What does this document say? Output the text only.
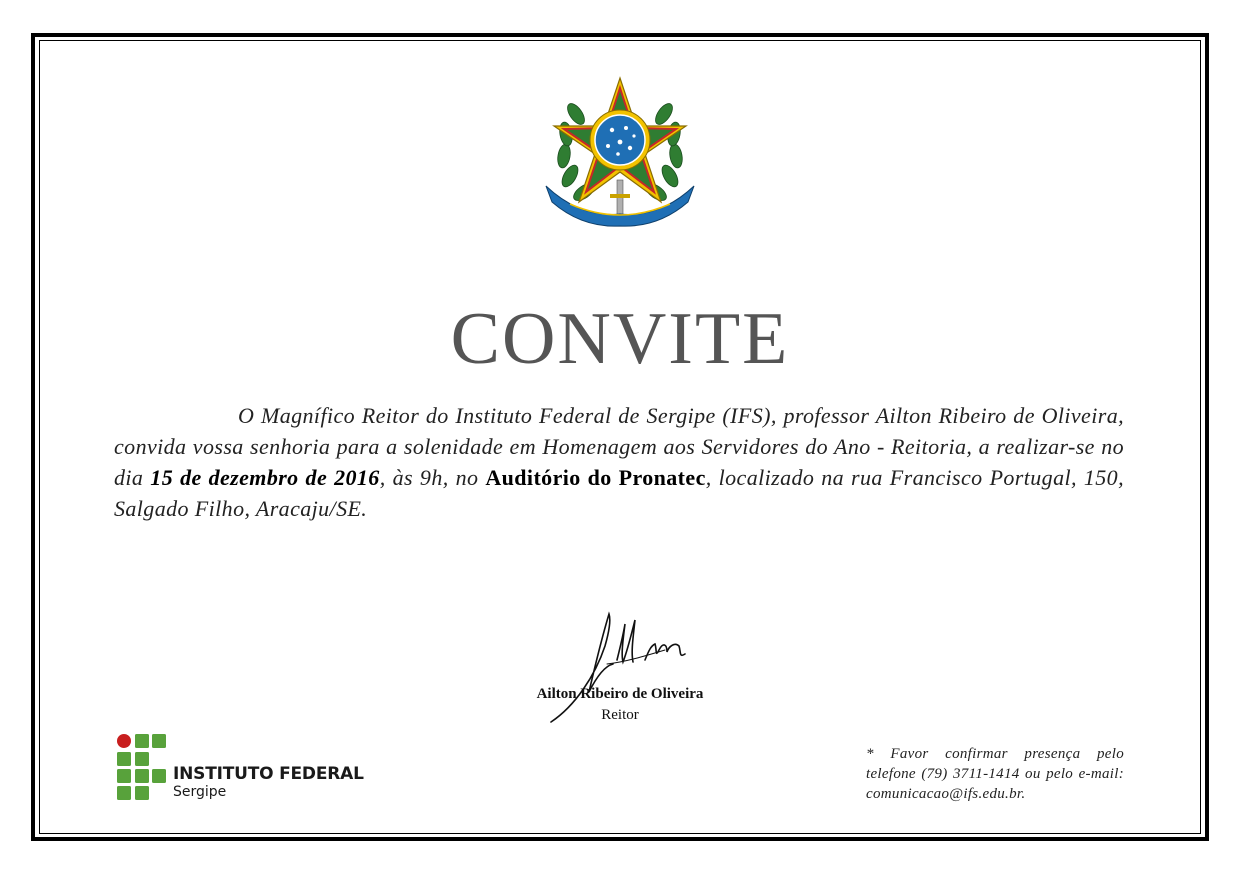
CONVITE
O Magnífico Reitor do Instituto Federal de Sergipe (IFS), professor Ailton Ribeiro de Oliveira, convida vossa senhoria para a solenidade em Homenagem aos Servidores do Ano - Reitoria, a realizar-se no dia 15 de dezembro de 2016, às 9h, no Auditório do Pronatec, localizado na rua Francisco Portugal, 150, Salgado Filho, Aracaju/SE.
Ailton Ribeiro de Oliveira
Reitor
INSTITUTO FEDERAL
Sergipe
* Favor confirmar presença pelo telefone (79) 3711-1414 ou pelo e-mail: comunicacao@ifs.edu.br.
